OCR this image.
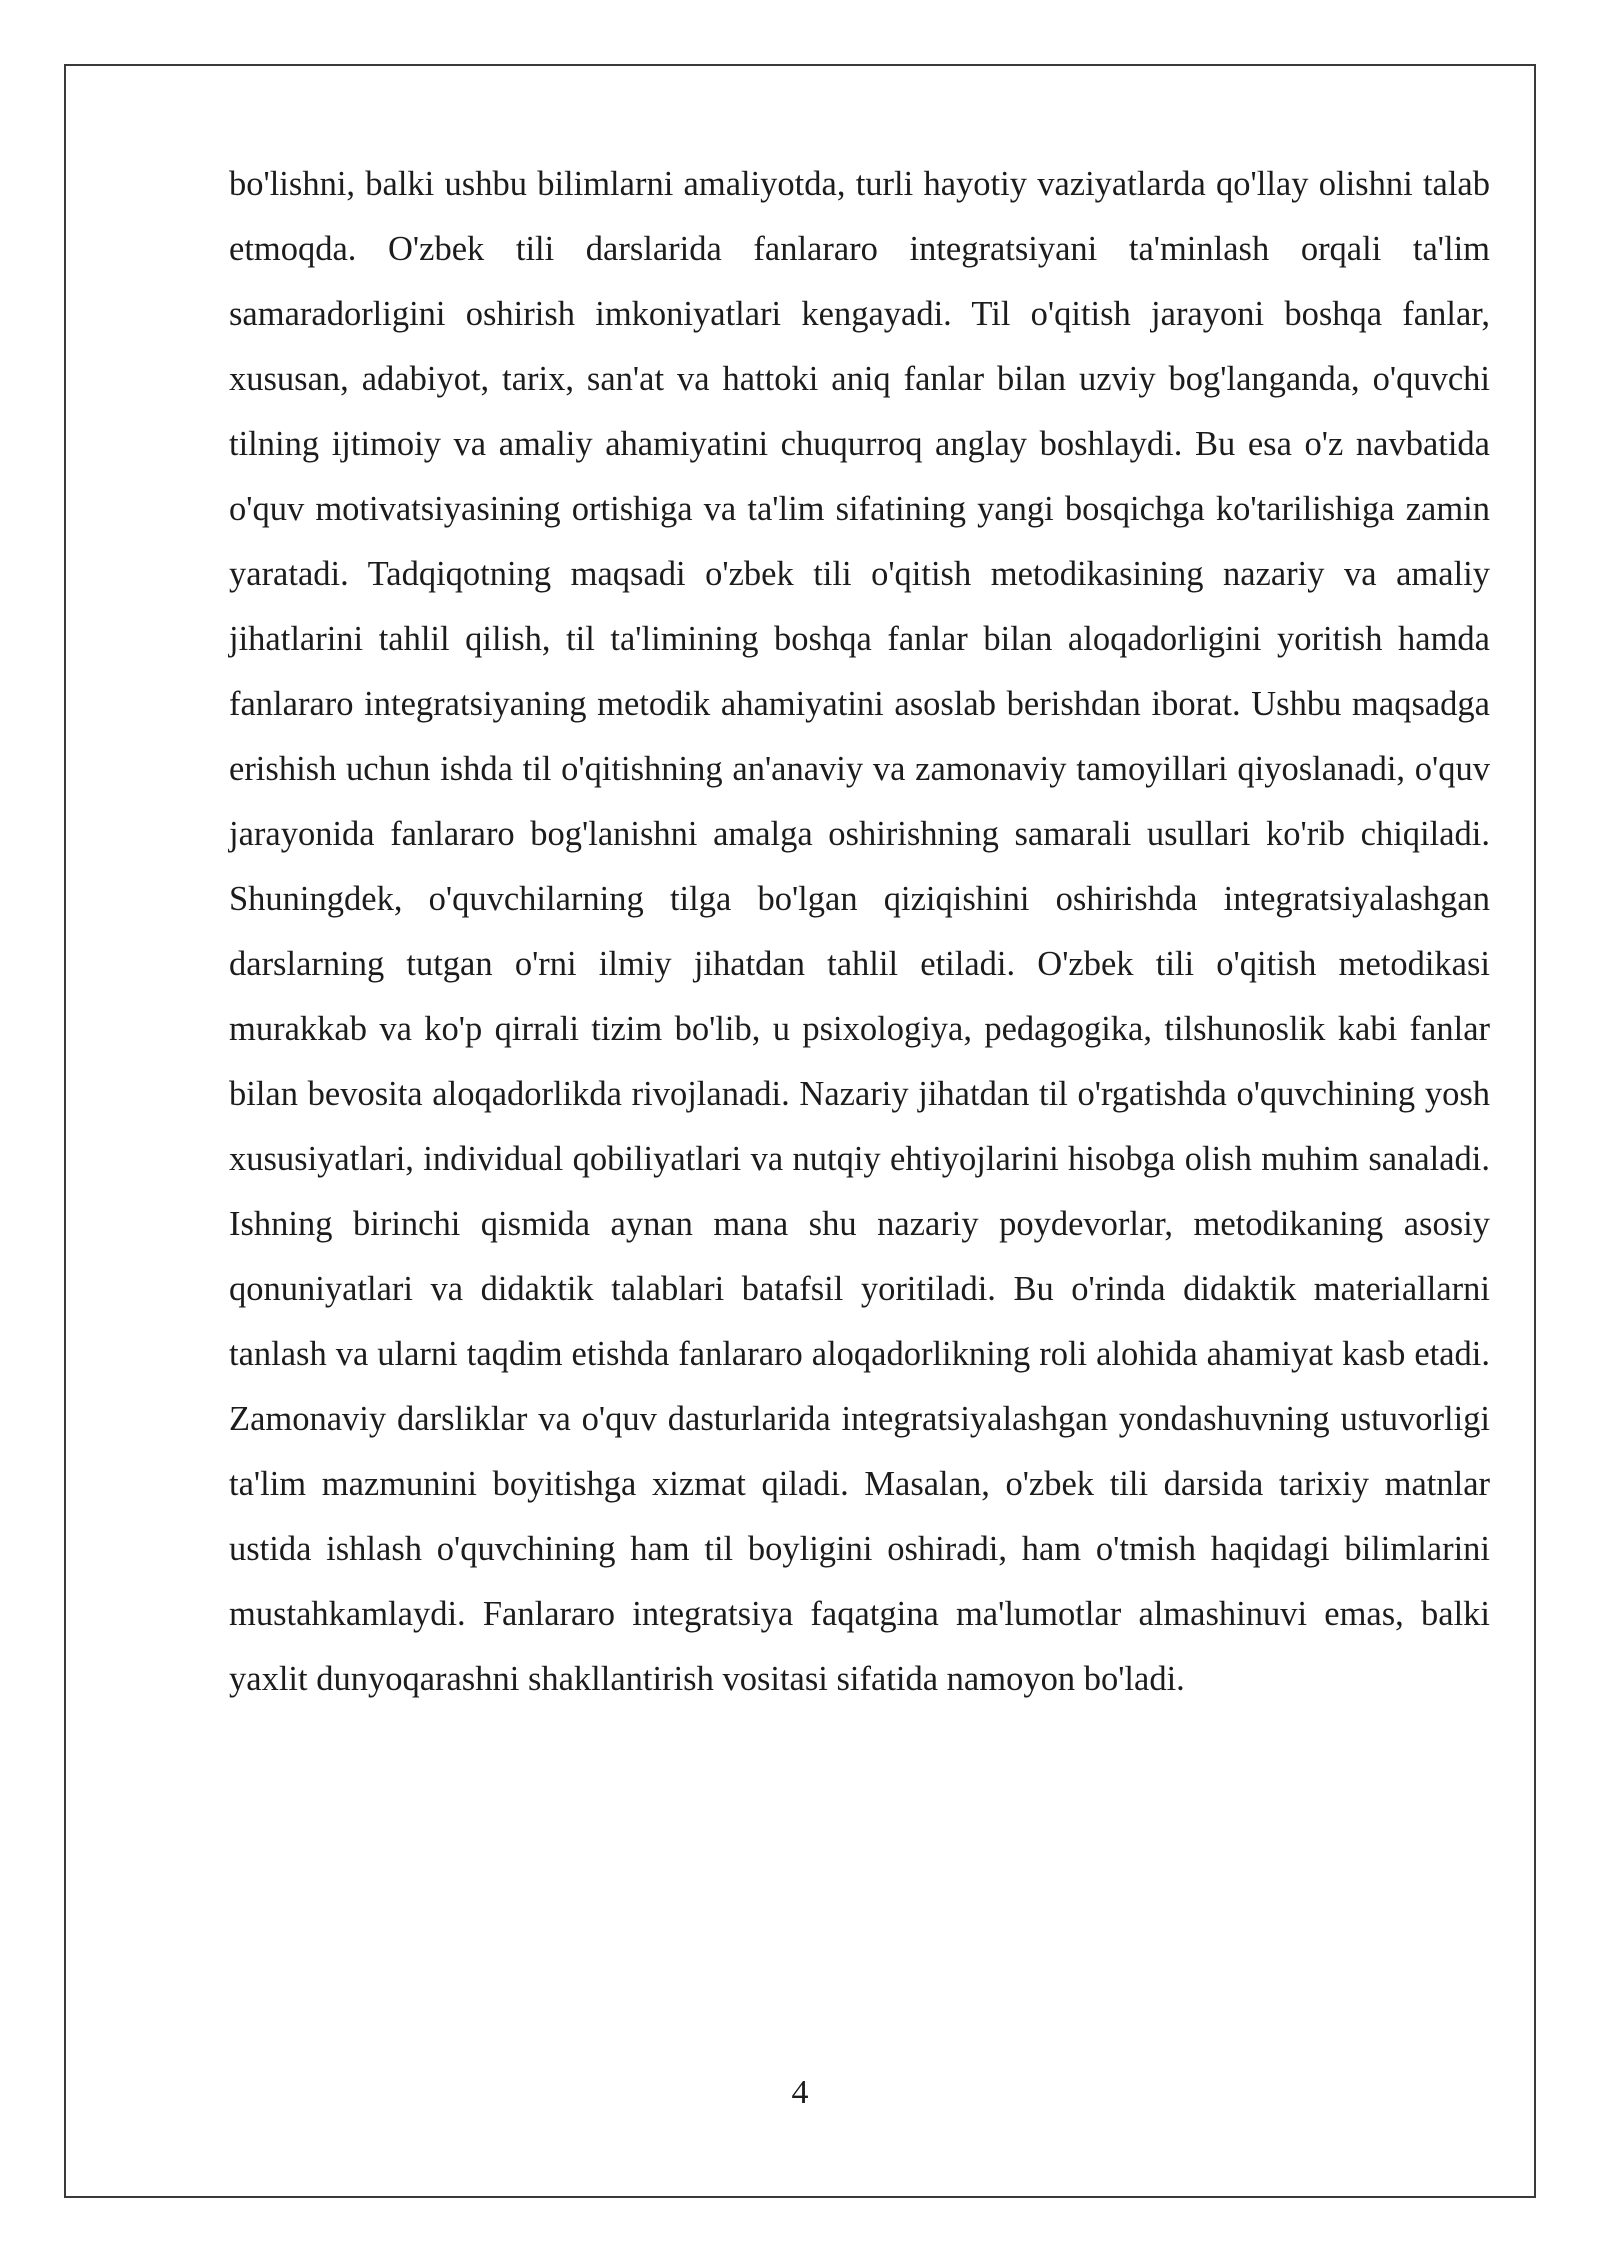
bo'lishni, balki ushbu bilimlarni amaliyotda, turli hayotiy vaziyatlarda qo'llay olishni talab etmoqda. O'zbek tili darslarida fanlararo integratsiyani ta'minlash orqali ta'lim samaradorligini oshirish imkoniyatlari kengayadi. Til o'qitish jarayoni boshqa fanlar, xususan, adabiyot, tarix, san'at va hattoki aniq fanlar bilan uzviy bog'langanda, o'quvchi tilning ijtimoiy va amaliy ahamiyatini chuqurroq anglay boshlaydi. Bu esa o'z navbatida o'quv motivatsiyasining ortishiga va ta'lim sifatining yangi bosqichga ko'tarilishiga zamin yaratadi. Tadqiqotning maqsadi o'zbek tili o'qitish metodikasining nazariy va amaliy jihatlarini tahlil qilish, til ta'limining boshqa fanlar bilan aloqadorligini yoritish hamda fanlararo integratsiyaning metodik ahamiyatini asoslab berishdan iborat. Ushbu maqsadga erishish uchun ishda til o'qitishning an'anaviy va zamonaviy tamoyillari qiyoslanadi, o'quv jarayonida fanlararo bog'lanishni amalga oshirishning samarali usullari ko'rib chiqiladi. Shuningdek, o'quvchilarning tilga bo'lgan qiziqishini oshirishda integratsiyalashgan darslarning tutgan o'rni ilmiy jihatdan tahlil etiladi. O'zbek tili o'qitish metodikasi murakkab va ko'p qirrali tizim bo'lib, u psixologiya, pedagogika, tilshunoslik kabi fanlar bilan bevosita aloqadorlikda rivojlanadi. Nazariy jihatdan til o'rgatishda o'quvchining yosh xususiyatlari, individual qobiliyatlari va nutqiy ehtiyojlarini hisobga olish muhim sanaladi. Ishning birinchi qismida aynan mana shu nazariy poydevorlar, metodikaning asosiy qonuniyatlari va didaktik talablari batafsil yoritiladi. Bu o'rinda didaktik materiallarni tanlash va ularni taqdim etishda fanlararo aloqadorlikning roli alohida ahamiyat kasb etadi. Zamonaviy darsliklar va o'quv dasturlarida integratsiyalashgan yondashuvning ustuvorligi ta'lim mazmunini boyitishga xizmat qiladi. Masalan, o'zbek tili darsida tarixiy matnlar ustida ishlash o'quvchining ham til boyligini oshiradi, ham o'tmish haqidagi bilimlarini mustahkamlaydi. Fanlararo integratsiya faqatgina ma'lumotlar almashinuvi emas, balki yaxlit dunyoqarashni shakllantirish vositasi sifatida namoyon bo'ladi.

4
